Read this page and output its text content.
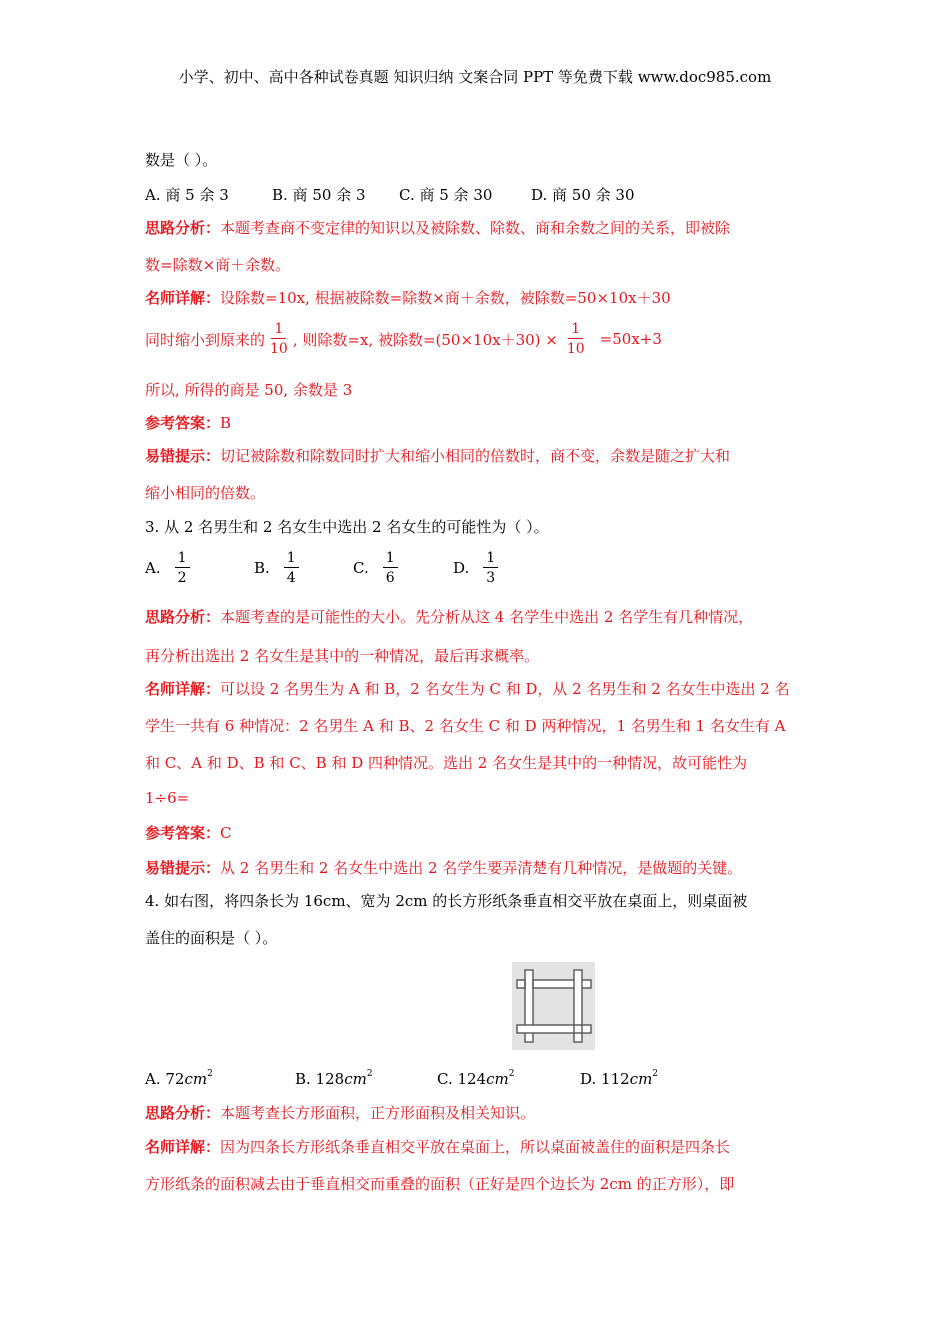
小学、初中、高中各种试卷真题 知识归纳 文案合同 PPT 等免费下载 www.doc985.com
数是（ ）。
A. 商 5 余 3	B. 商 50 余 3 C. 商 5 余 30	D. 商 50 余 30
思路分析：本题考查商不变定律的知识以及被除数、除数、商和余数之间的关系，即被除
数=除数×商＋余数。
名师详解：设除数=10x, 根据被除数=除数×商＋余数，被除数=50×10x＋30
同时缩小到原来的 $\frac{1}{10}$ , 则除数=x, 被除数$=(50\times 10x+30) \times \frac{1}{10} =50x+3$
所以, 所得的商是 50, 余数是 3
参考答案：B
易错提示：切记被除数和除数同时扩大和缩小相同的倍数时，商不变，余数是随之扩大和
缩小相同的倍数。
3. 从 2 名男生和 2 名女生中选出 2 名女生的可能性为（ ）。
A. $\frac{1}{2}$	B. $\frac{1}{4}$	C. $\frac{1}{6}$	D. $\frac{1}{3}$
思路分析：本题考查的是可能性的大小。先分析从这 4 名学生中选出 2 名学生有几种情况，
再分析出选出 2 名女生是其中的一种情况，最后再求概率。
名师详解：可以设 2 名男生为 A 和 B，2 名女生为 C 和 D，从 2 名男生和 2 名女生中选出 2 名
学生一共有 6 种情况：2 名男生 A 和 B、2 名女生 C 和 D 两种情况，1 名男生和 1 名女生有 A
和 C、A 和 D、B 和 C、B 和 D 四种情况。选出 2 名女生是其中的一种情况，故可能性为
1÷6=
参考答案：C
易错提示：从 2 名男生和 2 名女生中选出 2 名学生要弄清楚有几种情况，是做题的关键。
4. 如右图，将四条长为 16cm、宽为 2cm 的长方形纸条垂直相交平放在桌面上，则桌面被
盖住的面积是（ ）。
A. $72cm^2$	B. $128cm^2$	C. $124cm^2$	D. $112cm^2$
思路分析：本题考查长方形面积，正方形面积及相关知识。
名师详解：因为四条长方形纸条垂直相交平放在桌面上，所以桌面被盖住的面积是四条长
方形纸条的面积减去由于垂直相交而重叠的面积（正好是四个边长为 2cm 的正方形），即
